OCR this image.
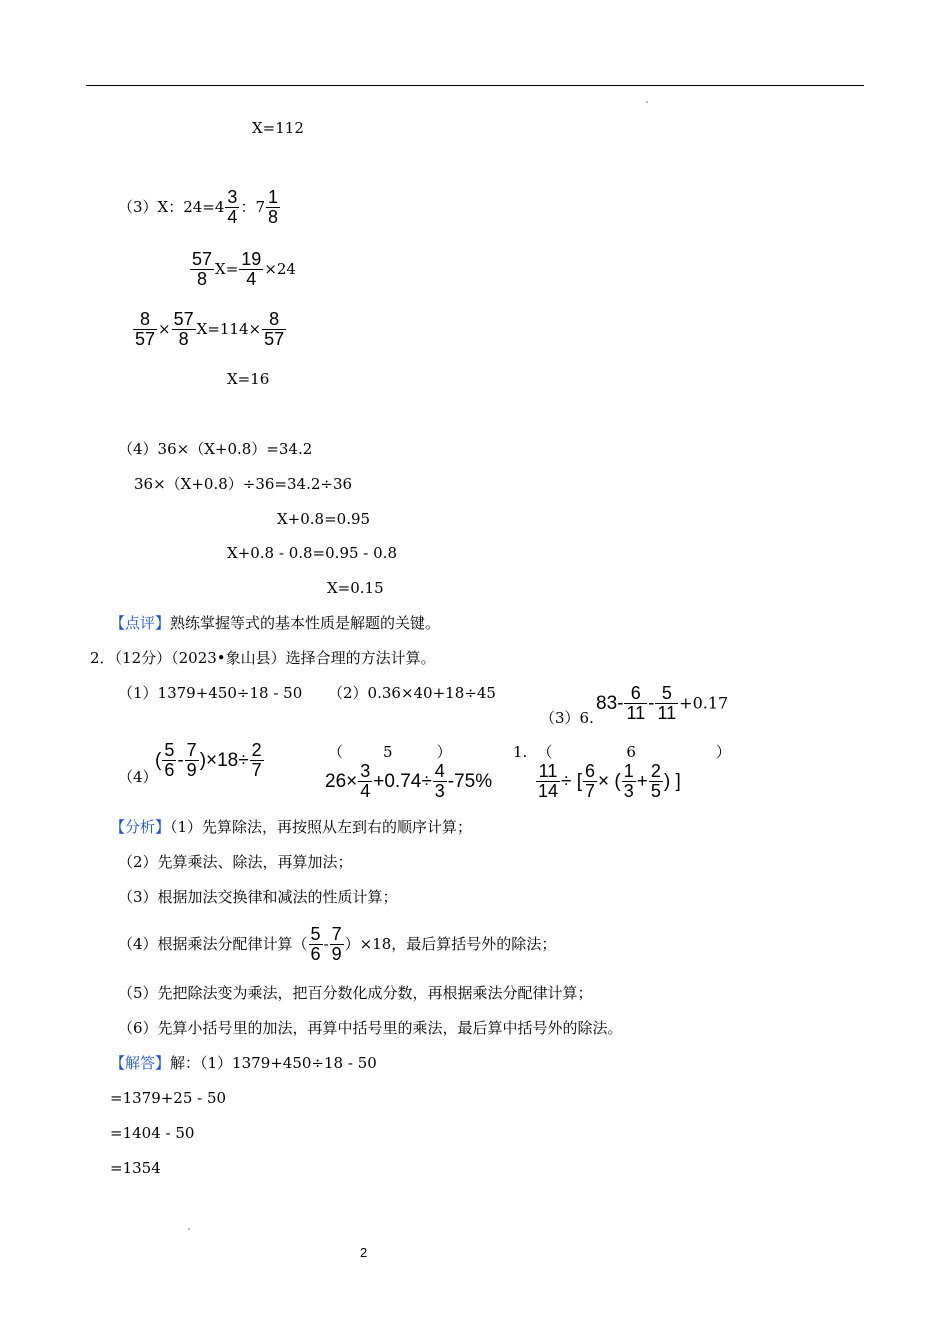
X=112
（3）X：$24=4 \frac{3}{4}$ ：$7 \frac{1}{8}$
$\frac{57}{8} X= \frac{19}{4} \times 24$
$\frac{8}{57} \times \frac{57}{8} X=114\times \frac{8}{57}$
X=16
（4）36×（X+0.8）=34.2
36×（X+0.8）÷36=34.2÷36
X+0.8=0.95
X+0.8 - 0.8=0.95 - 0.8
X=0.15
【点评】熟练掌握等式的基本性质是解题的关键。
2．（12分）（2023•象山县）选择合理的方法计算。
（1）1379+450÷18 - 50 （2）0.36×40+18÷45
（3）6.
$83- \frac{6}{11} - \frac{5}{11} +0.17$
（4）
( $\frac{5}{6} - \frac{7}{9} )\times 18\div \frac{2}{7}$	（	5	）
$26\times \frac{3}{4} +0.74\div \frac{4}{3} -75\%$
1. （	6	）
$\frac{11}{14}$ ÷ [ $\frac{6}{7}$ × ( $\frac{1}{3} + \frac{2}{5}$ ) ]
【分析】（1）先算除法，再按照从左到右的顺序计算；
（2）先算乘法、除法，再算加法；
（3）根据加法交换律和减法的性质计算；
（4）根据乘法分配律计算（ $\frac{5}{6} - \frac{7}{9} )\times 18$，最后算括号外的除法；
（5）先把除法变为乘法，把百分数化成分数，再根据乘法分配律计算；
（6）先算小括号里的加法，再算中括号里的乘法，最后算中括号外的除法。
【解答】解：（1）1379+450÷18 - 50
=1379+25 - 50
=1404 - 50
=1354
2
